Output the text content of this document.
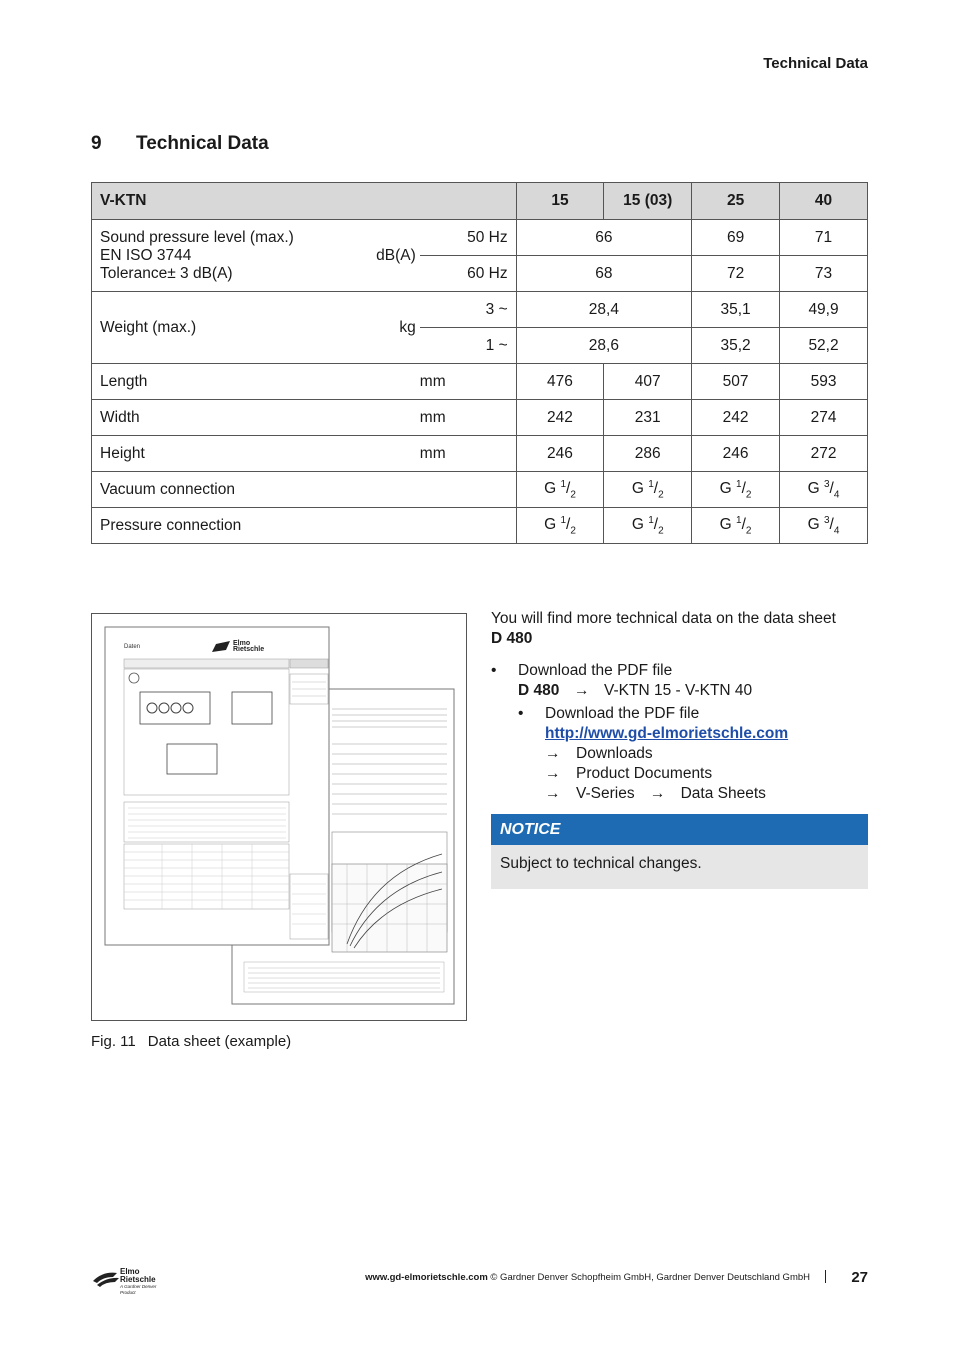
Technical Data
9 Technical Data
V-KTN		15	15 (03)	25	40

Sound pressure level (max.)
EN ISO 3744 dB(A)
Tolerance± 3 dB(A)	50 Hz	66		69	71
	60 Hz	68		72	73
Weight (max.) kg	3 ~	28,4		35,1	49,9
	1 ~	28,6		35,2	52,2
Length	mm	476	407	507	593
Width	mm	242	231	242	274
Height	mm	246	286	246	272
Vacuum connection		G $^1/_2$	G $^1/_2$	G $^1/_2$	G $^3/_4$
Pressure connection		G $^1/_2$	G $^1/_2$	G $^1/_2$	G $^3/_4$
Daten	Elmo
Rietschle
Fig. 11 Data sheet (example)
You will find more technical data on the data sheet
D 480
• Download the PDF file
D 480 → V-KTN 15 - V-KTN 40
• Download the PDF file
http://www.gd-elmorietschle.com
→ Downloads
→ Product Documents
→ V-Series → Data Sheets
NOTICE
Subject to technical changes.
Elmo
Rietschle
A Gardner Denver Product
www.gd-elmorietschle.com © Gardner Denver Schopfheim GmbH, Gardner Denver Deutschland GmbH	27
